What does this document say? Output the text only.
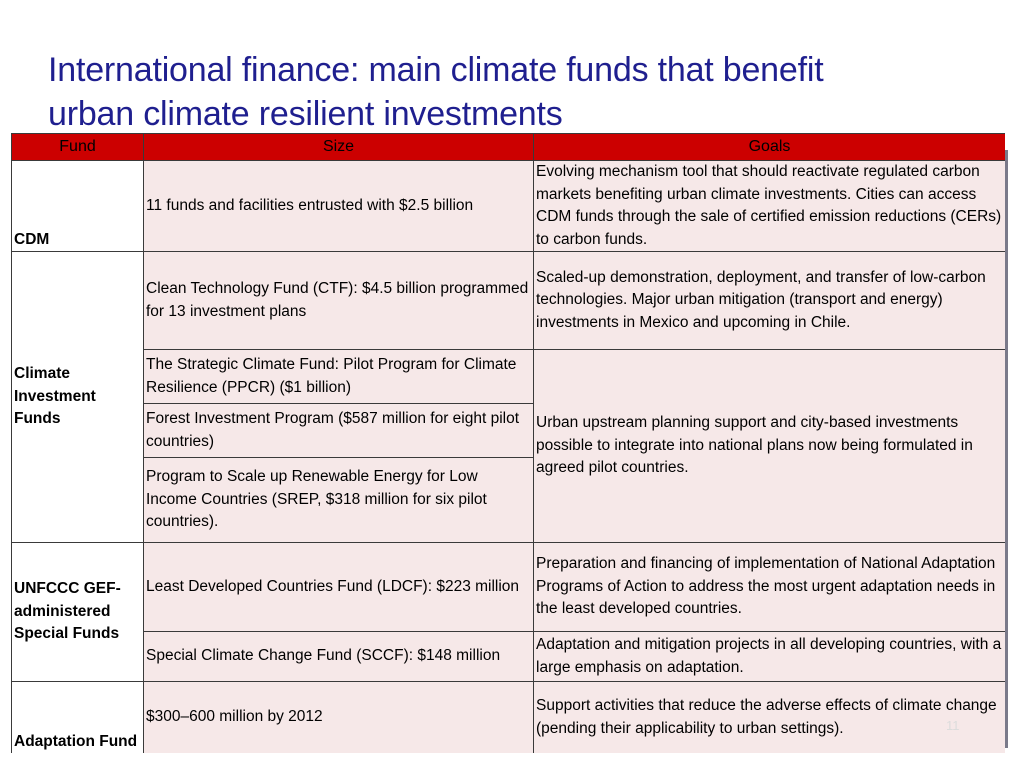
International finance: main climate funds that benefit
urban climate resilient investments
Fund	Size	Goals
CDM	11 funds and facilities entrusted with $2.5 billion	Evolving mechanism tool that should reactivate regulated carbon markets benefiting urban climate investments. Cities can access CDM funds through the sale of certified emission reductions (CERs) to carbon funds.
Climate Investment Funds	Clean Technology Fund (CTF): $4.5 billion programmed for 13 investment plans	Scaled-up demonstration, deployment, and transfer of low-carbon technologies. Major urban mitigation (transport and energy) investments in Mexico and upcoming in Chile.
	The Strategic Climate Fund: Pilot Program for Climate Resilience (PPCR) ($1 billion)	Urban upstream planning support and city-based investments possible to integrate into national plans now being formulated in agreed pilot countries.
	Forest Investment Program ($587 million for eight pilot countries)	
	Program to Scale up Renewable Energy for Low Income Countries (SREP, $318 million for six pilot countries).	
UNFCCC GEF-administered Special Funds	Least Developed Countries Fund (LDCF): $223 million	Preparation and financing of implementation of National Adaptation Programs of Action to address the most urgent adaptation needs in the least developed countries.
	Special Climate Change Fund (SCCF): $148 million	Adaptation and mitigation projects in all developing countries, with a large emphasis on adaptation.
Adaptation Fund	$300–600 million by 2012	Support activities that reduce the adverse effects of climate change (pending their applicability to urban settings).	11
